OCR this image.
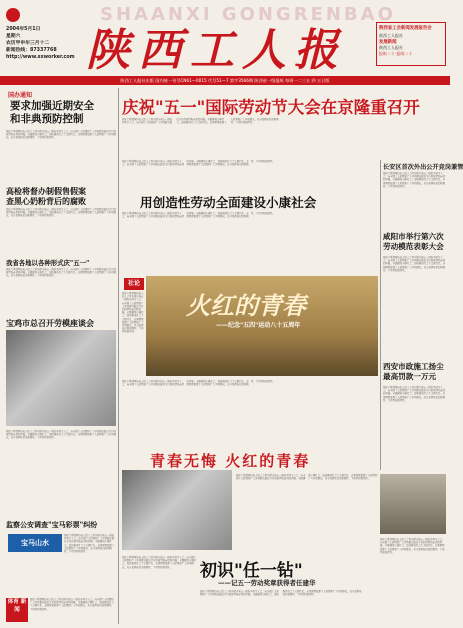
SHAANXI GONGRENBAO
陕西工人报
2004年5月1日
星期六
农历甲申年三月十二
新闻热线：87337768
http://www.sxworker.com
陕西省工会新闻发展报告会
陕西工人报社
发展新闻
陕西工人报社
报纸二十 报纸二十
陕西工人报社出版 国内统一刊号CN61—0015 代号51—7 第字3566期 陕西省一级报纸 每周一二三五 四 五日版
国办通知
要求加强近期安全
和非典预防控制
国家主席胡锦涛在人民大会堂出席庆祝五一国际劳动节大会，向全国工人阶级和广大劳动群众致以节日的祝贺和亲切的问候。全面建设小康社会，加快推进社会主义现代化，必须紧紧依靠工人阶级和广大劳动群众，充分发挥他们的积极性、主动性和创造性。
高检将督办制假售假案
查黑心奶粉背后的腐败
国家主席胡锦涛在人民大会堂出席庆祝五一国际劳动节大会，向全国工人阶级和广大劳动群众致以节日的祝贺和亲切的问候。全面建设小康社会，加快推进社会主义现代化，必须紧紧依靠工人阶级和广大劳动群众，充分发挥他们的积极性、主动性和创造性。
我省各地以各种形式庆"五一"
国家主席胡锦涛在人民大会堂出席庆祝五一国际劳动节大会，向全国工人阶级和广大劳动群众致以节日的祝贺和亲切的问候。全面建设小康社会，加快推进社会主义现代化，必须紧紧依靠工人阶级和广大劳动群众，充分发挥他们的积极性、主动性和创造性。
宝鸡市总召开劳模座谈会
国家主席胡锦涛在人民大会堂出席庆祝五一国际劳动节大会，向全国工人阶级和广大劳动群众致以节日的祝贺和亲切的问候。全面建设小康社会，加快推进社会主义现代化，必须紧紧依靠工人阶级和广大劳动群众，充分发挥他们的积极性、主动性和创造性。
监察公安调查"宝马彩票"纠纷
宝马山水
国家主席胡锦涛在人民大会堂出席庆祝五一国际劳动节大会，向全国工人阶级和广大劳动群众致以节日的祝贺和亲切的问候。全面建设小康社会，加快推进社会主义现代化，必须紧紧依靠工人阶级和广大劳动群众，充分发挥他们的积极性、主动性和创造性。
体育 新闻
国家主席胡锦涛在人民大会堂出席庆祝五一国际劳动节大会，向全国工人阶级和广大劳动群众致以节日的祝贺和亲切的问候。全面建设小康社会，加快推进社会主义现代化，必须紧紧依靠工人阶级和广大劳动群众，充分发挥他们的积极性、主动性和创造性。
庆祝"五一"国际劳动节大会在京隆重召开
国家主席胡锦涛在人民大会堂出席庆祝五一国际劳动节大会，向全国工人阶级和广大劳动群众致以节日的祝贺和亲切的问候。全面建设小康社会，加快推进社会主义现代化，必须紧紧依靠工人阶级和广大劳动群众，充分发挥他们的积极性、主动性和创造性。
国家主席胡锦涛在人民大会堂出席庆祝五一国际劳动节大会，向全国工人阶级和广大劳动群众致以节日的祝贺和亲切的问候。全面建设小康社会，加快推进社会主义现代化，必须紧紧依靠工人阶级和广大劳动群众，充分发挥他们的积极性、主动性和创造性。
用创造性劳动全面建设小康社会
国家主席胡锦涛在人民大会堂出席庆祝五一国际劳动节大会，向全国工人阶级和广大劳动群众致以节日的祝贺和亲切的问候。全面建设小康社会，加快推进社会主义现代化，必须紧紧依靠工人阶级和广大劳动群众，充分发挥他们的积极性、主动性和创造性。
长安区首次外出公开竞岗兼管
国家主席胡锦涛在人民大会堂出席庆祝五一国际劳动节大会，向全国工人阶级和广大劳动群众致以节日的祝贺和亲切的问候。全面建设小康社会，加快推进社会主义现代化，必须紧紧依靠工人阶级和广大劳动群众，充分发挥他们的积极性、主动性和创造性。
咸阳市举行第六次
劳动模范表彰大会
国家主席胡锦涛在人民大会堂出席庆祝五一国际劳动节大会，向全国工人阶级和广大劳动群众致以节日的祝贺和亲切的问候。全面建设小康社会，加快推进社会主义现代化，必须紧紧依靠工人阶级和广大劳动群众，充分发挥他们的积极性、主动性和创造性。
西安市政施工扬尘
最高罚款一万元
国家主席胡锦涛在人民大会堂出席庆祝五一国际劳动节大会，向全国工人阶级和广大劳动群众致以节日的祝贺和亲切的问候。全面建设小康社会，加快推进社会主义现代化，必须紧紧依靠工人阶级和广大劳动群众，充分发挥他们的积极性、主动性和创造性。
社论
火红的青春
——纪念"五四"运动八十五周年
国家主席胡锦涛在人民大会堂出席庆祝五一国际劳动节大会，向全国工人阶级和广大劳动群众致以节日的祝贺和亲切的问候。全面建设小康社会，加快推进社会主义现代化，必须紧紧依靠工人阶级和广大劳动群众，充分发挥他们的积极性、主动性和创造性。
国家主席胡锦涛在人民大会堂出席庆祝五一国际劳动节大会，向全国工人阶级和广大劳动群众致以节日的祝贺和亲切的问候。全面建设小康社会，加快推进社会主义现代化，必须紧紧依靠工人阶级和广大劳动群众，充分发挥他们的积极性、主动性和创造性。
青春无悔 火红的青春
国家主席胡锦涛在人民大会堂出席庆祝五一国际劳动节大会，向全国工人阶级和广大劳动群众致以节日的祝贺和亲切的问候。全面建设小康社会，加快推进社会主义现代化，必须紧紧依靠工人阶级和广大劳动群众，充分发挥他们的积极性、主动性和创造性。
初识"任一钻"
——记五一劳动奖章获得者任建华
国家主席胡锦涛在人民大会堂出席庆祝五一国际劳动节大会，向全国工人阶级和广大劳动群众致以节日的祝贺和亲切的问候。全面建设小康社会，加快推进社会主义现代化，必须紧紧依靠工人阶级和广大劳动群众，充分发挥他们的积极性、主动性和创造性。
国家主席胡锦涛在人民大会堂出席庆祝五一国际劳动节大会，向全国工人阶级和广大劳动群众致以节日的祝贺和亲切的问候。全面建设小康社会，加快推进社会主义现代化，必须紧紧依靠工人阶级和广大劳动群众，充分发挥他们的积极性、主动性和创造性。
国家主席胡锦涛在人民大会堂出席庆祝五一国际劳动节大会，向全国工人阶级和广大劳动群众致以节日的祝贺和亲切的问候。全面建设小康社会，加快推进社会主义现代化，必须紧紧依靠工人阶级和广大劳动群众，充分发挥他们的积极性、主动性和创造性。
